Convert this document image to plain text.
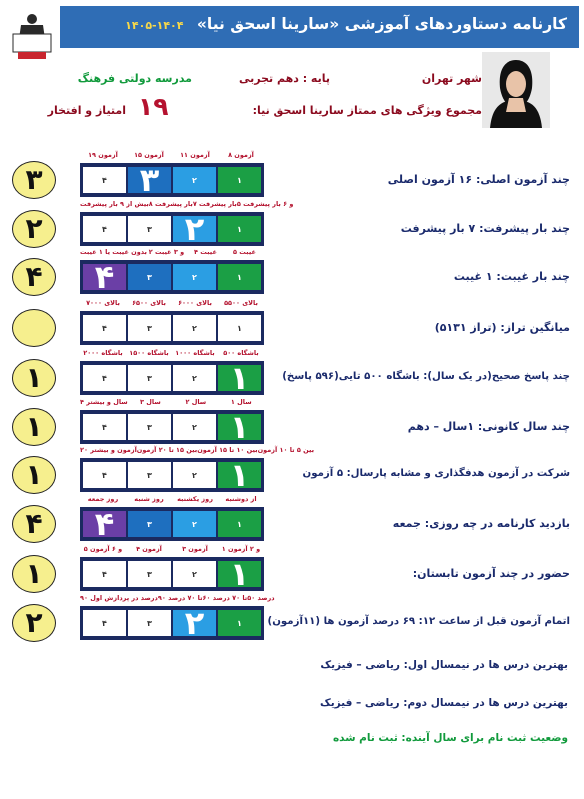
کارنامه دستاوردهای آموزشی «سارینا اسحق نیا» ۱۴۰۴-۱۴۰۵
شهر تهران
پایه : دهم تجربی
مدرسه دولتی فرهنگ
مجموع ویژگی های ممتاز سارینا اسحق نیا:
۱۹
امتیاز و افتخار
۱۹ آزمون	۱۵ آزمون	۱۱ آزمون	۸ آزمون
۴	۳	۲	۱
۳	چند آزمون اصلی: ۱۶ آزمون اصلی
بیش از ۹ بار پیشرفت ۸ بار پیشرفت ۷ بار پیشرفت ۵ و ۶ بار پیشرفت
۴	۳	۲	۱
۲	چند بار پیشرفت: ۷ بار پیشرفت
بدون غیبت یا ۱ غیبت ۲ و ۳ غیبت	۴ غیبت	۵ غیبت
۴	۳	۲	۱
۴	چند بار غیبت: ۱ غیبت
بالای ۷۰۰۰	بالای ۶۵۰۰	بالای ۶۰۰۰	بالای ۵۵۰۰
۴	۳	۲	۱	میانگین تراز: (تراز ۵۱۳۱)
باشگاه ۲۰۰۰	باشگاه ۱۵۰۰	باشگاه ۱۰۰۰	باشگاه ۵۰۰
۴	۳	۲	۱
۱	چند پاسخ صحیح(در یک سال): باشگاه ۵۰۰ تایی(۵۹۶ پاسخ)
۴ سال و بیشتر	۳ سال	۲ سال	۱ سال
۴	۳	۲	۱
۱	چند سال کانونی: ۱سال – دهم
۲۰ آزمون و بیشتر بین ۱۵ تا ۲۰ آزمون بین ۱۰ تا ۱۵ آزمون بین ۵ تا ۱۰ آزمون
۴	۳	۲	۱
۱	شرکت در آزمون هدفگذاری و مشابه پارسال: ۵ آزمون
روز جمعه	روز شنبه	روز یکشنبه	از دوشنبه
۴	۳	۲	۱
۴	بازدید کارنامه در چه روزی: جمعه
۵ و ۶ آزمون	۴ آزمون	۳ آزمون	۱ و ۲ آزمون
۴	۳	۲	۱
۱	حضور در چند آزمون تابستان:
۹۰ درصد در پردازش اول ۹۰ تا ۷۰ درصد ۶۰ تا ۷۰ درصد ۵۰ درصد
۴	۳	۲	۱
۲	اتمام آزمون قبل از ساعت ۱۲: ۶۹ درصد آزمون ها (۱۱آزمون)
بهترین درس ها در نیمسال اول: ریاضی – فیزیک
بهترین درس ها در نیمسال دوم: ریاضی – فیزیک
وضعیت ثبت نام برای سال آینده: ثبت نام شده
